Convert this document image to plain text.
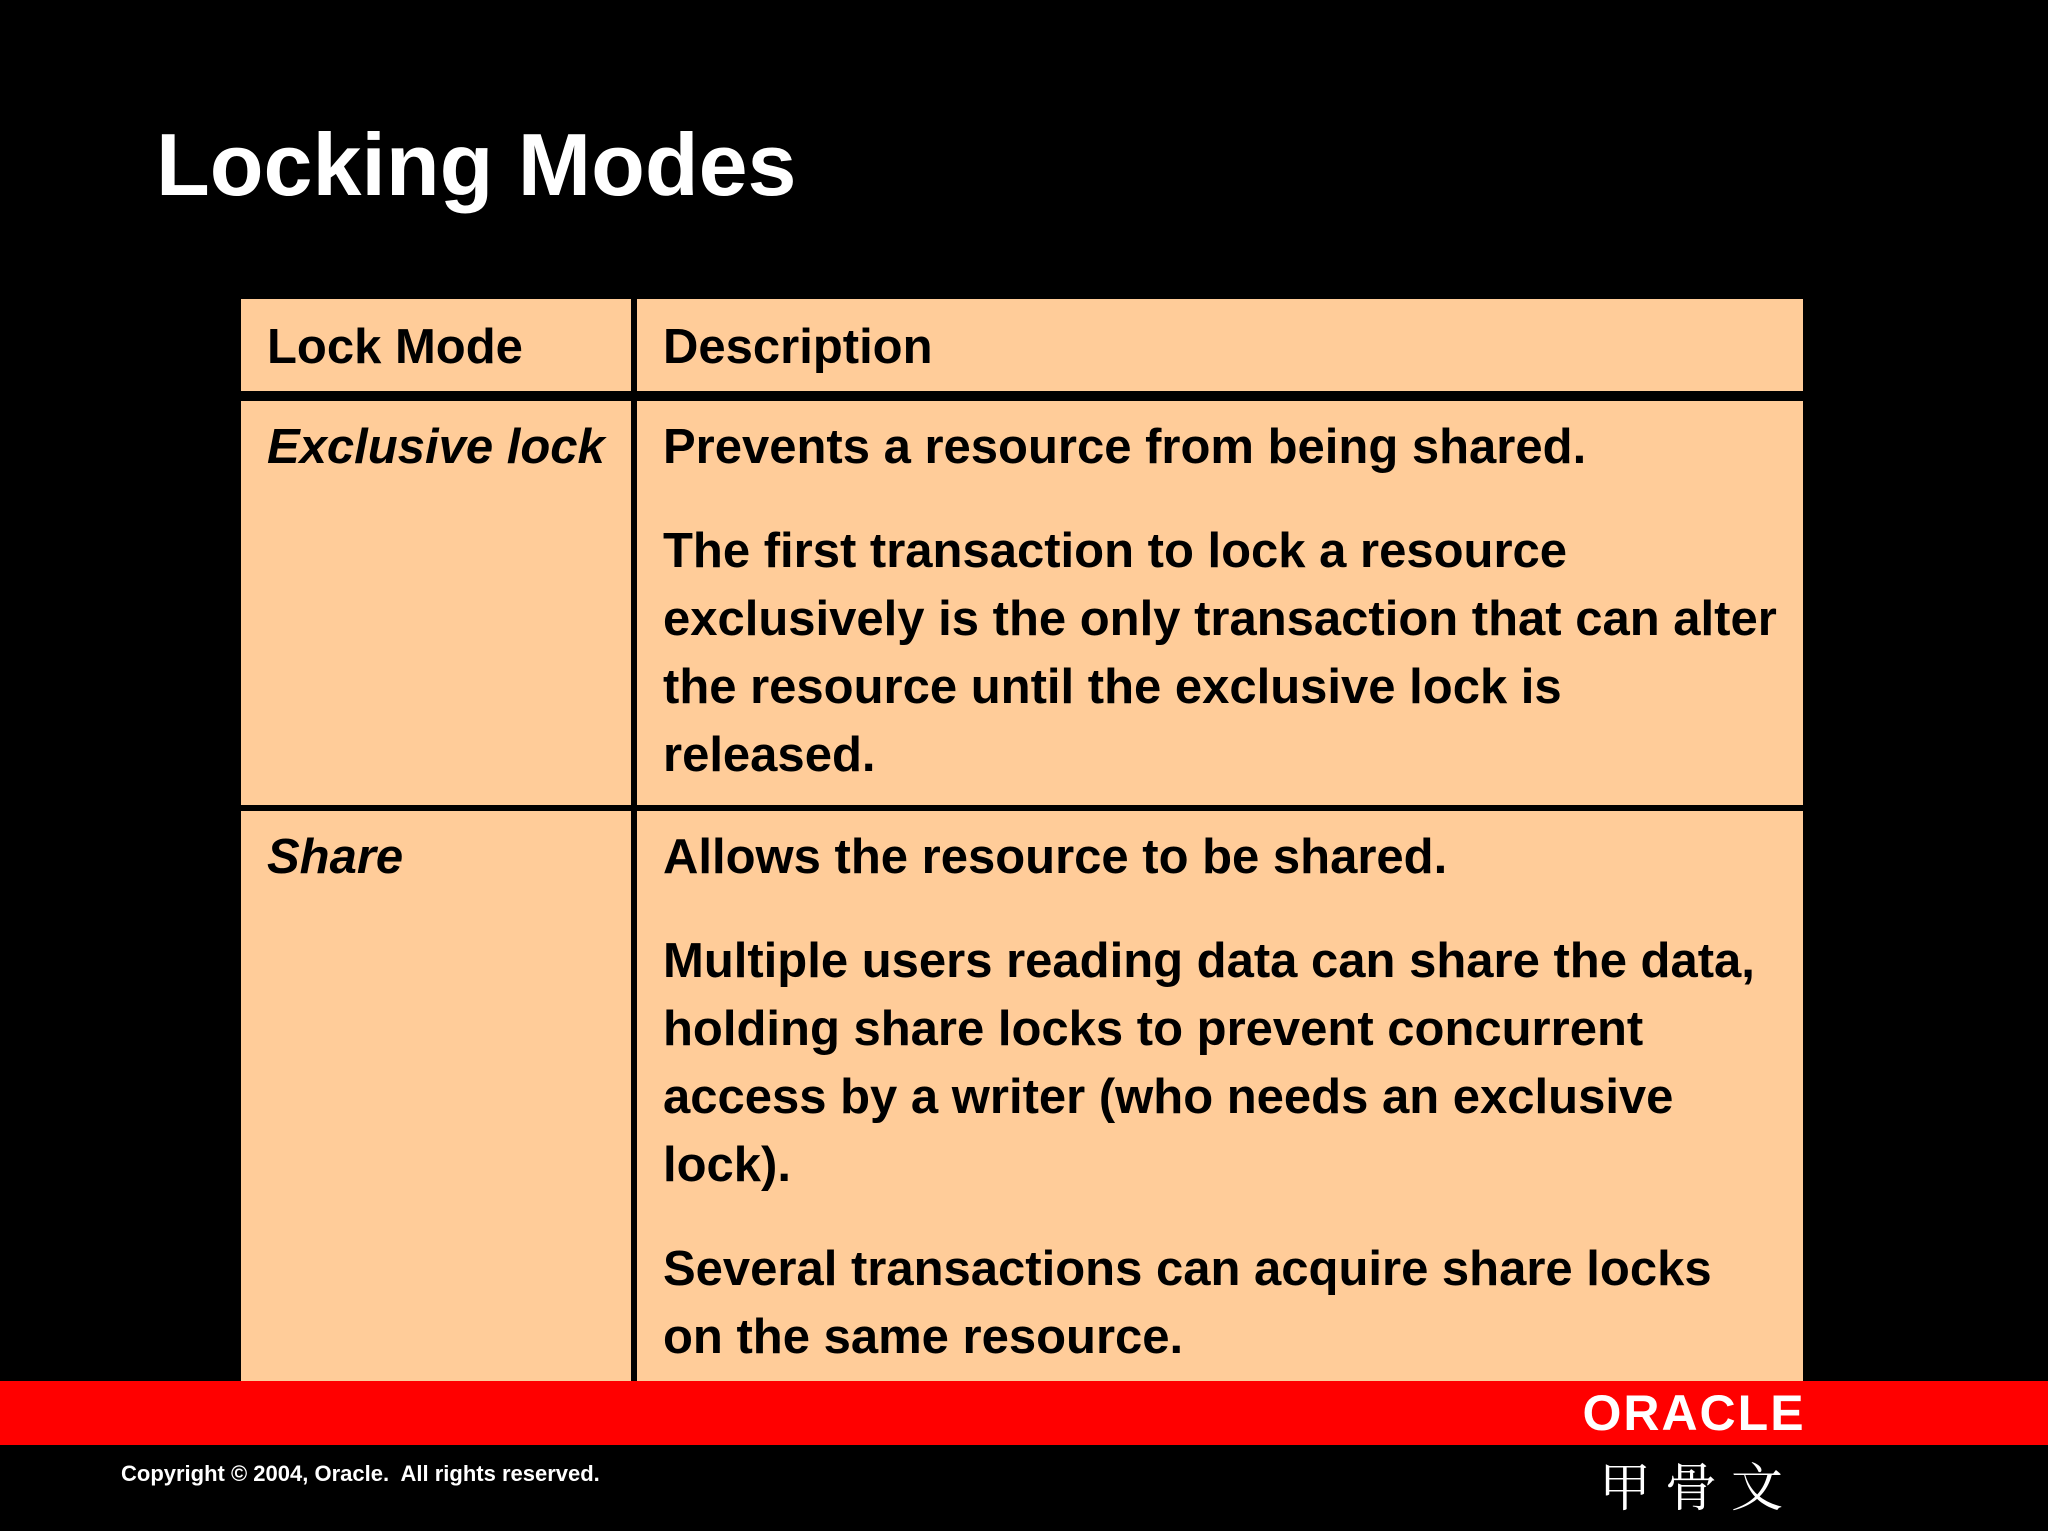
Locking Modes
Lock Mode	Description
Exclusive lock	Prevents a resource from being shared.

The first transaction to lock a resource exclusively is the only transaction that can alter the resource until the exclusive lock is released.

Share	Allows the resource to be shared.

Multiple users reading data can share the data, holding share locks to prevent concurrent access by a writer (who needs an exclusive lock).

Several transactions can acquire share locks on the same resource.

ORACLE
甲骨文
Copyright © 2004, Oracle.  All rights reserved.
